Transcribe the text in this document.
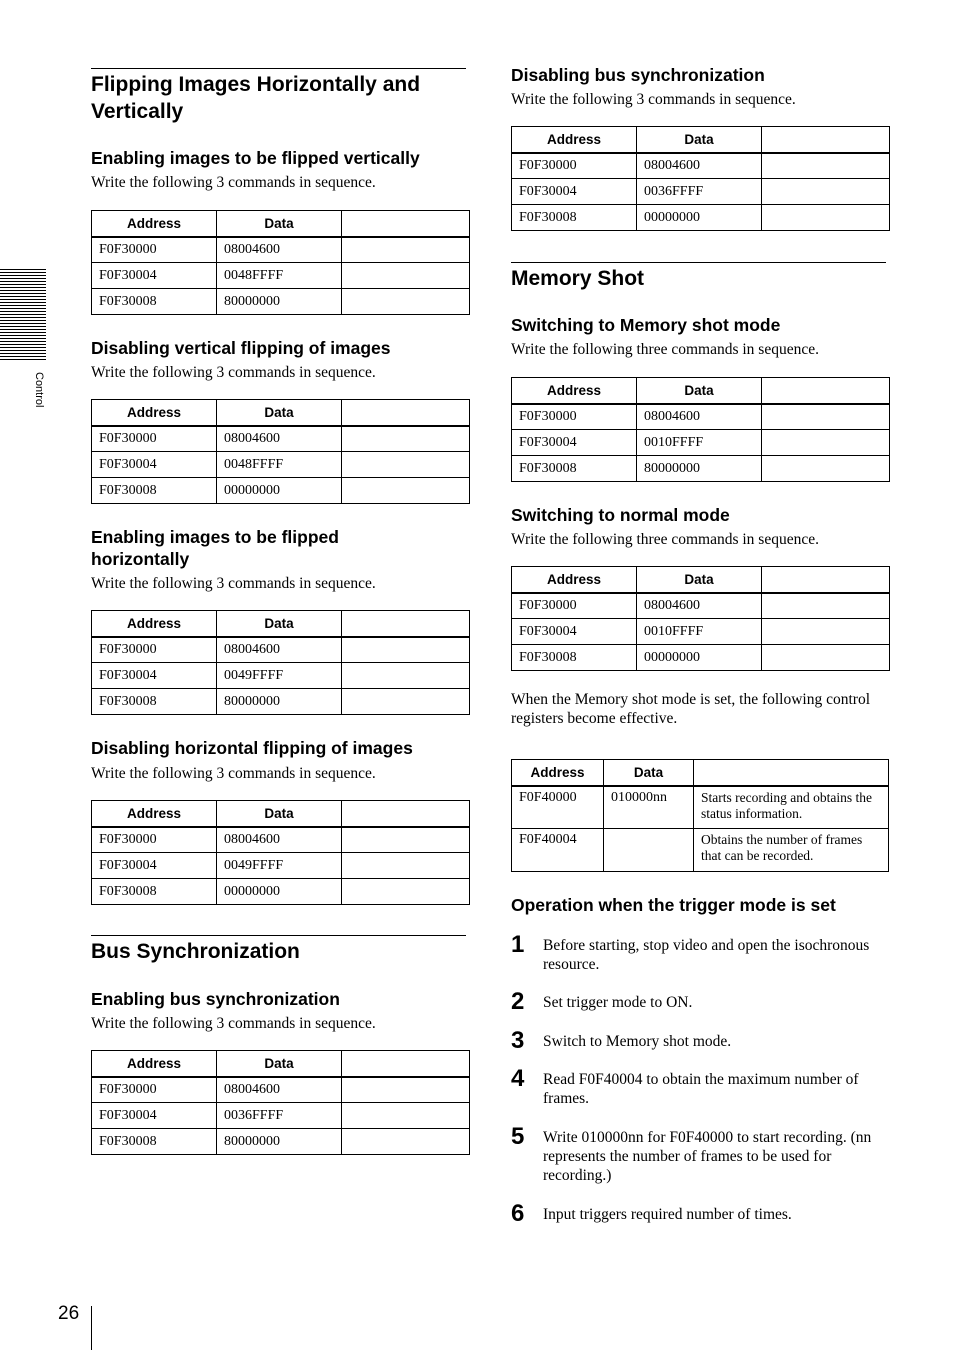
Control
Flipping Images Horizontally and Vertically
Enabling images to be flipped vertically

Write the following 3 commands in sequence.

Address	Data	
F0F30000	08004600	
F0F30004	0048FFFF	
F0F30008	80000000	
Disabling vertical flipping of images

Write the following 3 commands in sequence.

Address	Data	
F0F30000	08004600	
F0F30004	0048FFFF	
F0F30008	00000000	
Enabling images to be flipped horizontally

Write the following 3 commands in sequence.

Address	Data	
F0F30000	08004600	
F0F30004	0049FFFF	
F0F30008	80000000	
Disabling horizontal flipping of images

Write the following 3 commands in sequence.

Address	Data	
F0F30000	08004600	
F0F30004	0049FFFF	
F0F30008	00000000	
Bus Synchronization
Enabling bus synchronization

Write the following 3 commands in sequence.

Address	Data	
F0F30000	08004600	
F0F30004	0036FFFF	
F0F30008	80000000	
Disabling bus synchronization

Write the following 3 commands in sequence.

Address	Data	
F0F30000	08004600	
F0F30004	0036FFFF	
F0F30008	00000000	
Memory Shot
Switching to Memory shot mode

Write the following three commands in sequence.

Address	Data	
F0F30000	08004600	
F0F30004	0010FFFF	
F0F30008	80000000	
Switching to normal mode

Write the following three commands in sequence.

Address	Data	
F0F30000	08004600	
F0F30004	0010FFFF	
F0F30008	00000000	

When the Memory shot mode is set, the following control registers become effective.

Address	Data	
F0F40000	010000nn	Starts recording and obtains the status information.
F0F40004		Obtains the number of frames that can be recorded.
Operation when the trigger mode is set
1 Before starting, stop video and open the isochronous resource.
2 Set trigger mode to ON.
3 Switch to Memory shot mode.
4 Read F0F40004 to obtain the maximum number of frames.
5 Write 010000nn for F0F40000 to start recording. (nn represents the number of frames to be used for recording.)
6 Input triggers required number of times.
26
